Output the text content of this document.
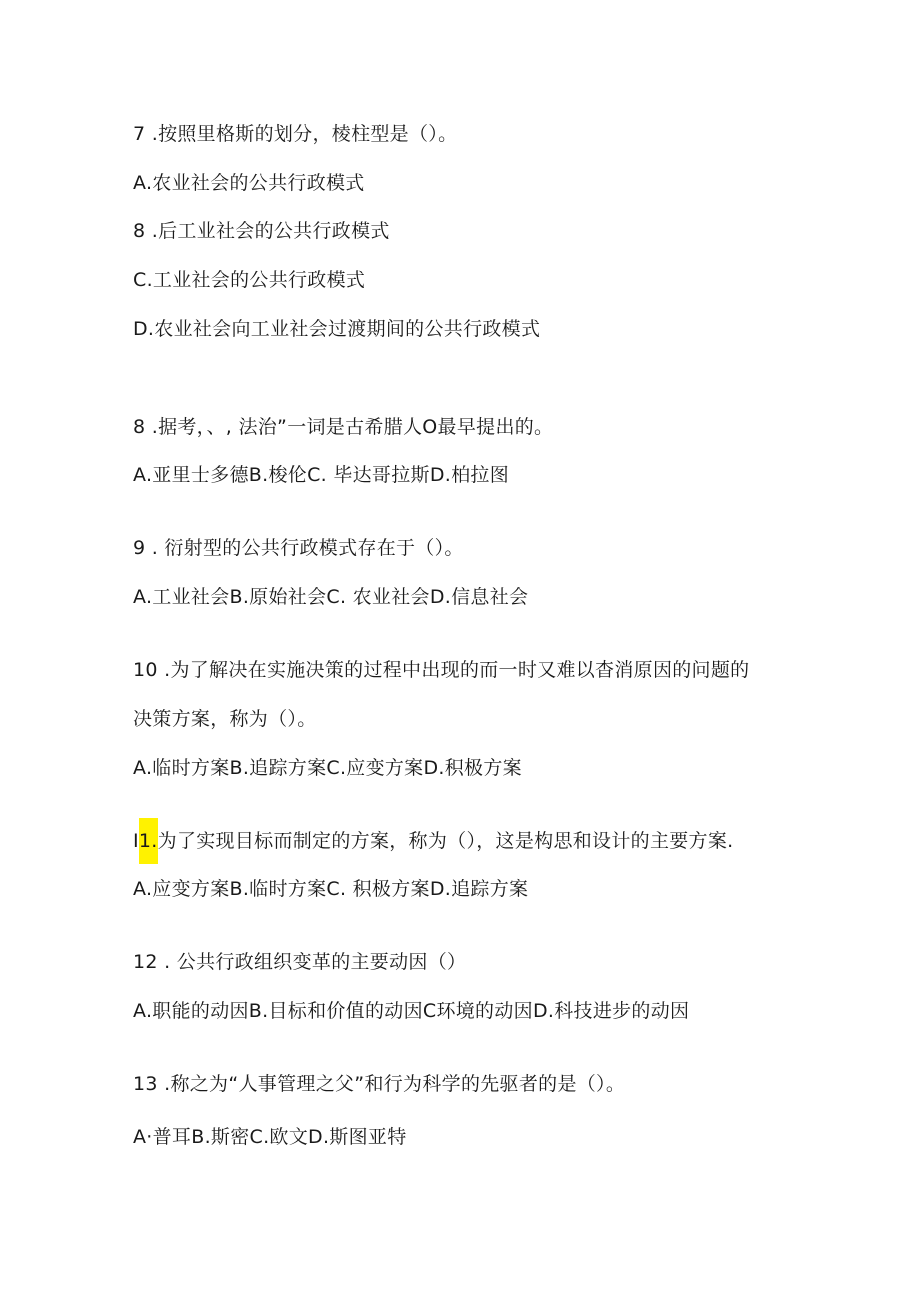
7 .按照里格斯的划分，棱柱型是（）。
A.农业社会的公共行政模式
8 .后工业社会的公共行政模式
C.工业社会的公共行政模式
D.农业社会向工业社会过渡期间的公共行政模式
8 .据考，、, 法治”一词是古希腊人O最早提出的。
A.亚里士多德B.梭伦C. 毕达哥拉斯D.柏拉图
9 . 衍射型的公共行政模式存在于（）。
A.工业社会B.原始社会C. 农业社会D.信息社会
10 .为了解决在实施决策的过程中出现的而一时又难以杳消原因的问题的
决策方案，称为（）。
A.临时方案B.追踪方案C.应变方案D.积极方案
I1.为了实现目标而制定的方案，称为（），这是构思和设计的主要方案.
A.应变方案B.临时方案C. 积极方案D.追踪方案
12 . 公共行政组织变革的主要动因（）
A.职能的动因B.目标和价值的动因C环境的动因D.科技进步的动因
13 .称之为“人事管理之父”和行为科学的先驱者的是（）。
A·普耳B.斯密C.欧文D.斯图亚特
